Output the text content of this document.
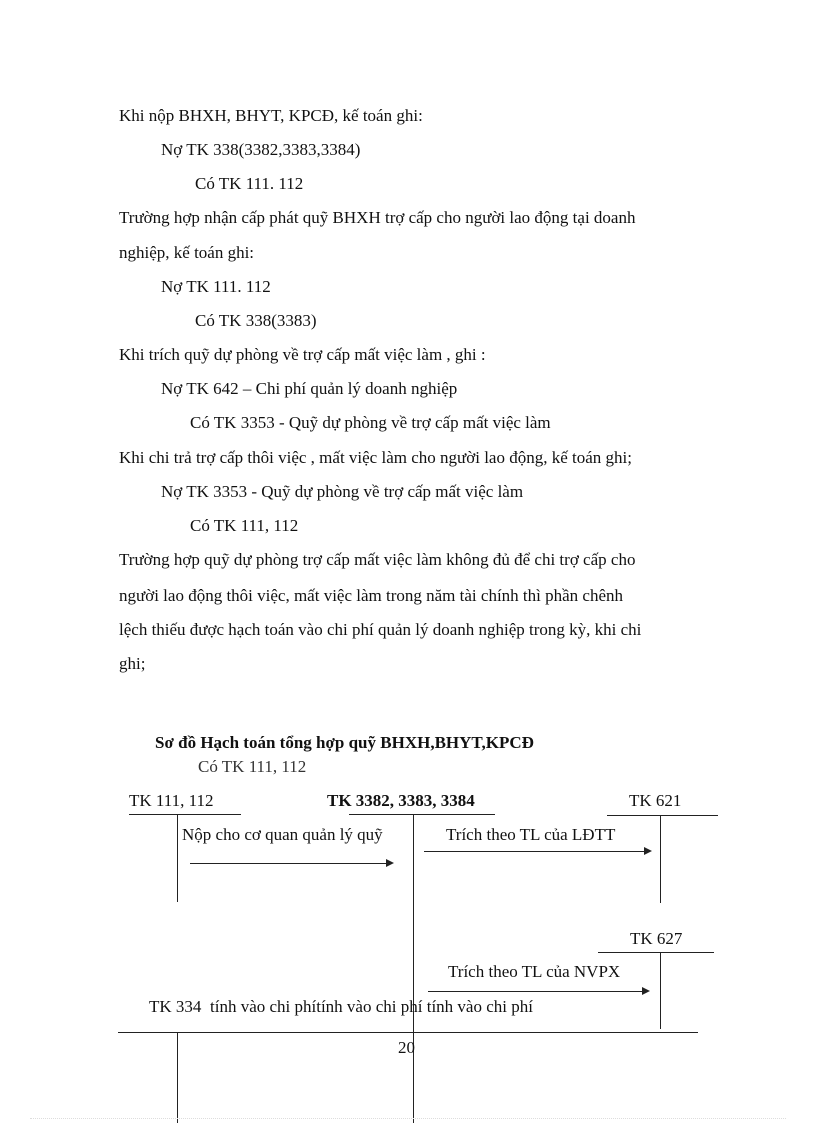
Khi nộp BHXH, BHYT, KPCĐ, kế toán ghi:
Nợ TK 338(3382,3383,3384)
Có TK 111. 112
Trường hợp nhận cấp phát quỹ BHXH trợ cấp cho người lao động tại doanh
nghiệp, kế toán ghi:
Nợ TK 111. 112
Có TK 338(3383)
Khi trích quỹ dự phòng về trợ cấp mất việc làm , ghi :
Nợ TK 642 – Chi phí quản lý doanh nghiệp
Có TK 3353 - Quỹ dự phòng về trợ cấp mất việc làm
Khi chi trả trợ cấp thôi việc , mất việc làm cho người lao động, kế toán ghi;
Nợ TK 3353 - Quỹ dự phòng về trợ cấp mất việc làm
Có TK 111, 112
Trường hợp quỹ dự phòng trợ cấp mất việc làm không đủ để chi trợ cấp cho
người lao động thôi việc, mất việc làm trong năm tài chính thì phần chênh
lệch thiếu được hạch toán vào chi phí quản lý doanh nghiệp trong kỳ, khi chi
ghi;
Sơ đồ Hạch toán tổng hợp quỹ BHXH,BHYT,KPCĐ
Có TK 111, 112
TK 111, 112	TK 3382, 3383, 3384	TK 621
Nộp cho cơ quan quản lý quỹ	Trích theo TL của LĐTT
TK 627
Trích theo TL của NVPX
TK 334 tính vào chi phítính vào chi phí tính vào chi phí
20
